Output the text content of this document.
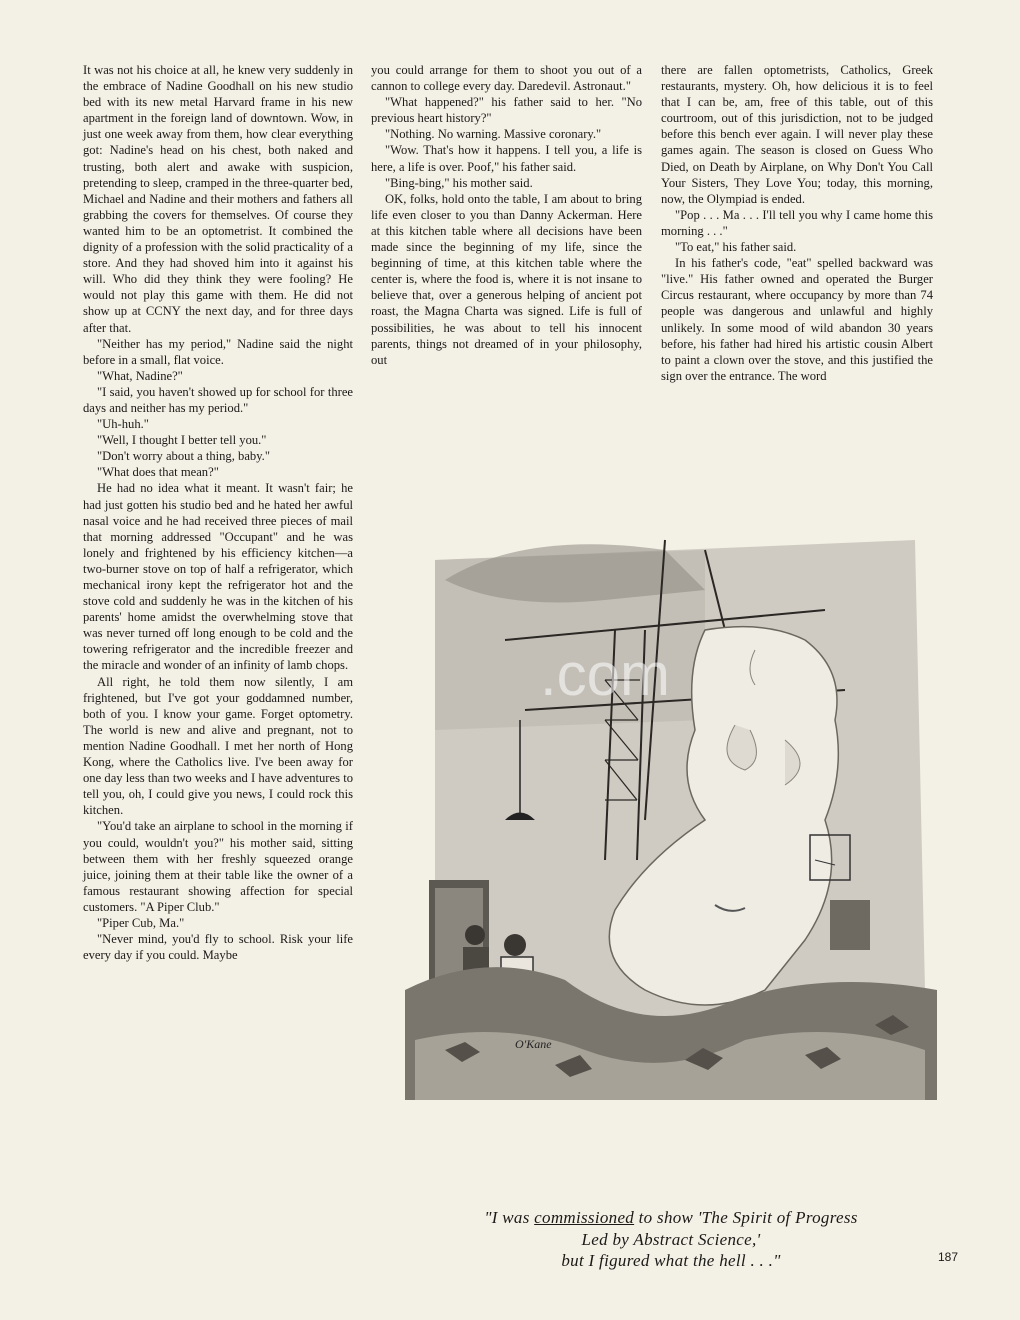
It was not his choice at all, he knew very suddenly in the embrace of Nadine Goodhall on his new studio bed with its new metal Harvard frame in his new apartment in the foreign land of downtown. Wow, in just one week away from them, how clear everything got: Nadine's head on his chest, both naked and trusting, both alert and awake with suspicion, pretending to sleep, cramped in the three-quarter bed, Michael and Nadine and their mothers and fathers all grabbing the covers for themselves. Of course they wanted him to be an optometrist. It combined the dignity of a profession with the solid practicality of a store. And they had shoved him into it against his will. Who did they think they were fooling? He would not play this game with them. He did not show up at CCNY the next day, and for three days after that.

"Neither has my period," Nadine said the night before in a small, flat voice.

"What, Nadine?"

"I said, you haven't showed up for school for three days and neither has my period."

"Uh-huh."

"Well, I thought I better tell you."

"Don't worry about a thing, baby."

"What does that mean?"

He had no idea what it meant. It wasn't fair; he had just gotten his studio bed and he hated her awful nasal voice and he had received three pieces of mail that morning addressed "Occupant" and he was lonely and frightened by his efficiency kitchen—a two-burner stove on top of half a refrigerator, which mechanical irony kept the refrigerator hot and the stove cold and suddenly he was in the kitchen of his parents' home amidst the overwhelming stove that was never turned off long enough to be cold and the towering refrigerator and the incredible freezer and the miracle and wonder of an infinity of lamb chops.

All right, he told them now silently, I am frightened, but I've got your goddamned number, both of you. I know your game. Forget optometry. The world is new and alive and pregnant, not to mention Nadine Goodhall. I met her north of Hong Kong, where the Catholics live. I've been away for one day less than two weeks and I have adventures to tell you, oh, I could give you news, I could rock this kitchen.

"You'd take an airplane to school in the morning if you could, wouldn't you?" his mother said, sitting between them with her freshly squeezed orange juice, joining them at their table like the owner of a famous restaurant showing affection for special customers. "A Piper Club."

"Piper Cub, Ma."

"Never mind, you'd fly to school. Risk your life every day if you could. Maybe

you could arrange for them to shoot you out of a cannon to college every day. Daredevil. Astronaut."

"What happened?" his father said to her. "No previous heart history?"

"Nothing. No warning. Massive coronary."

"Wow. That's how it happens. I tell you, a life is here, a life is over. Poof," his father said.

"Bing-bing," his mother said.

OK, folks, hold onto the table, I am about to bring life even closer to you than Danny Ackerman. Here at this kitchen table where all decisions have been made since the beginning of my life, since the beginning of time, at this kitchen table where the center is, where the food is, where it is not insane to believe that, over a generous helping of ancient pot roast, the Magna Charta was signed. Life is full of possibilities, he was about to tell his innocent parents, things not dreamed of in your philosophy, out

there are fallen optometrists, Catholics, Greek restaurants, mystery. Oh, how delicious it is to feel that I can be, am, free of this table, out of this courtroom, out of this jurisdiction, not to be judged before this bench ever again. I will never play these games again. The season is closed on Guess Who Died, on Death by Airplane, on Why Don't You Call Your Sisters, They Love You; today, this morning, now, the Olympiad is ended.

"Pop . . . Ma . . . I'll tell you why I came home this morning . . ."

"To eat," his father said.

In his father's code, "eat" spelled backward was "live." His father owned and operated the Burger Circus restaurant, where occupancy by more than 74 people was dangerous and unlawful and highly unlikely. In some mood of wild abandon 30 years before, his father had hired his artistic cousin Albert to paint a clown over the stove, and this justified the sign over the entrance. The word

O'Kane
.com
"I was commissioned to show 'The Spirit of Progress
Led by Abstract Science,'
but I figured what the hell . . ."	187
